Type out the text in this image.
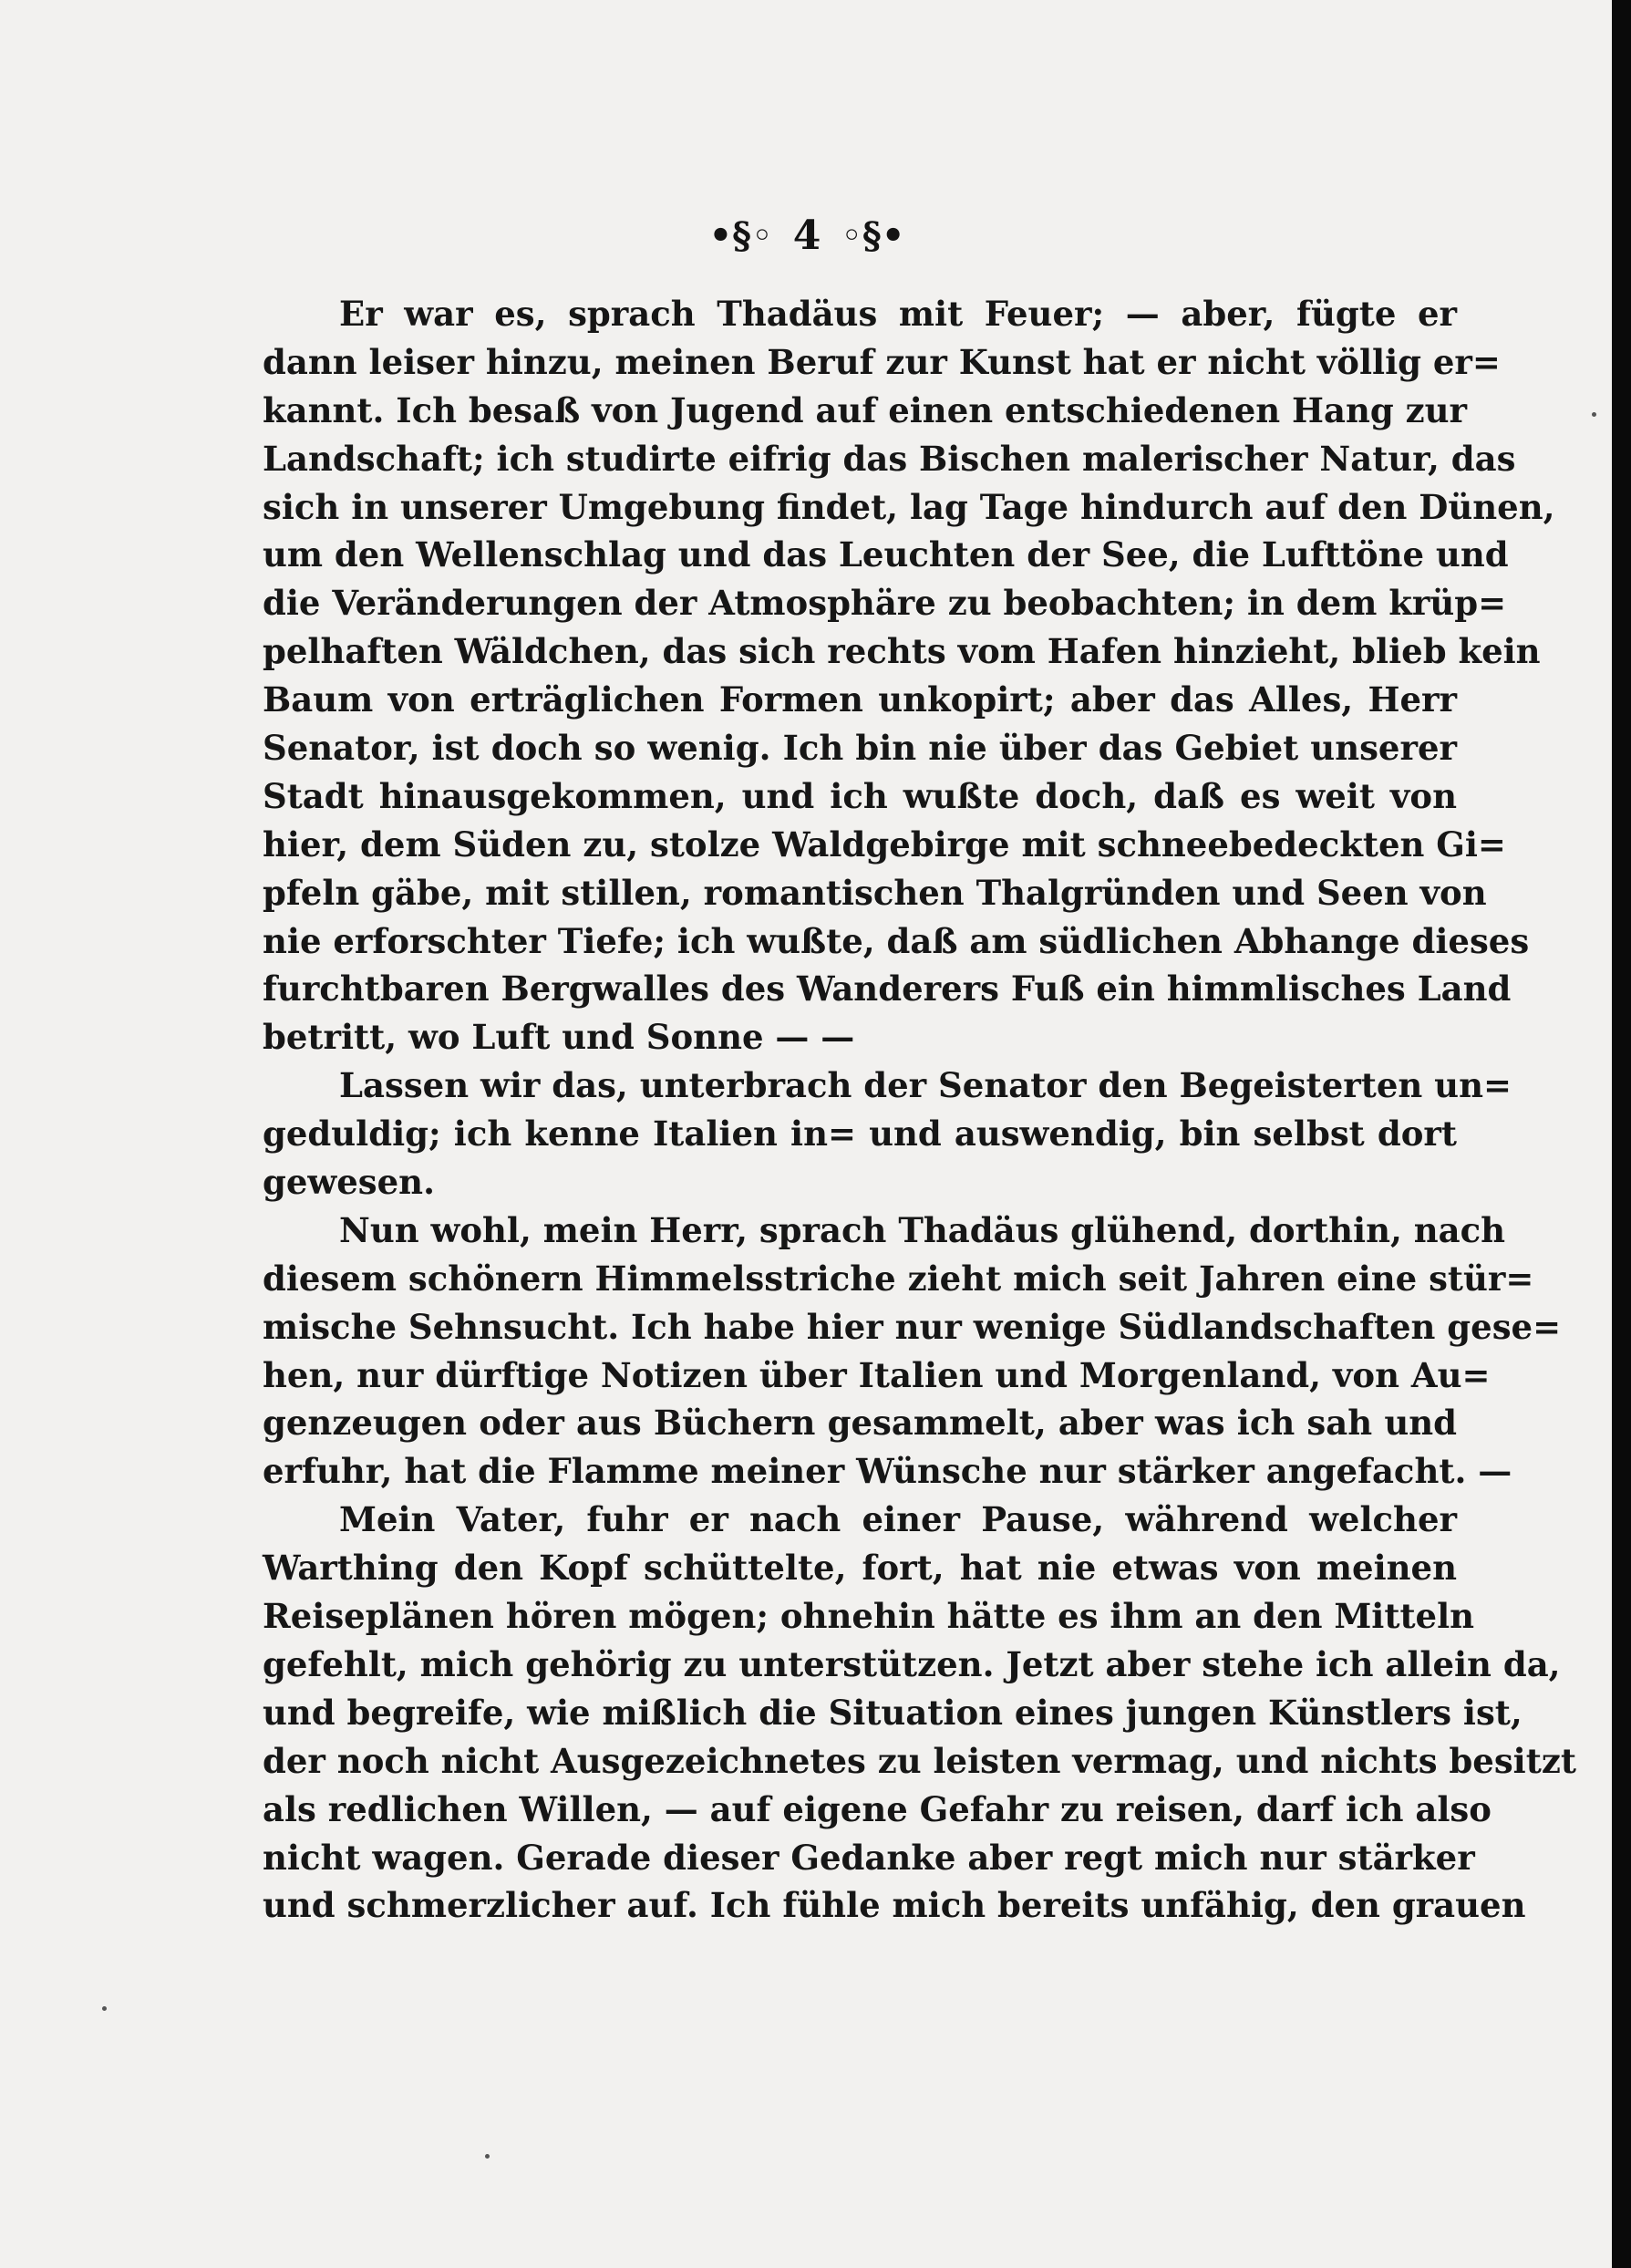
•§◦ 4 ◦§•
Er war es, sprach Thadäus mit Feuer; — aber, fügte er
dann leiser hinzu, meinen Beruf zur Kunst hat er nicht völlig er=
kannt. Ich besaß von Jugend auf einen entschiedenen Hang zur
Landschaft; ich studirte eifrig das Bischen malerischer Natur, das
sich in unserer Umgebung findet, lag Tage hindurch auf den Dünen,
um den Wellenschlag und das Leuchten der See, die Lufttöne und
die Veränderungen der Atmosphäre zu beobachten; in dem krüp=
pelhaften Wäldchen, das sich rechts vom Hafen hinzieht, blieb kein
Baum von erträglichen Formen unkopirt; aber das Alles, Herr
Senator, ist doch so wenig. Ich bin nie über das Gebiet unserer
Stadt hinausgekommen, und ich wußte doch, daß es weit von
hier, dem Süden zu, stolze Waldgebirge mit schneebedeckten Gi=
pfeln gäbe, mit stillen, romantischen Thalgründen und Seen von
nie erforschter Tiefe; ich wußte, daß am südlichen Abhange dieses
furchtbaren Bergwalles des Wanderers Fuß ein himmlisches Land
betritt, wo Luft und Sonne — —
Lassen wir das, unterbrach der Senator den Begeisterten un=
geduldig; ich kenne Italien in= und auswendig, bin selbst dort
gewesen.
Nun wohl, mein Herr, sprach Thadäus glühend, dorthin, nach
diesem schönern Himmelsstriche zieht mich seit Jahren eine stür=
mische Sehnsucht. Ich habe hier nur wenige Südlandschaften gese=
hen, nur dürftige Notizen über Italien und Morgenland, von Au=
genzeugen oder aus Büchern gesammelt, aber was ich sah und
erfuhr, hat die Flamme meiner Wünsche nur stärker angefacht. —
Mein Vater, fuhr er nach einer Pause, während welcher
Warthing den Kopf schüttelte, fort, hat nie etwas von meinen
Reiseplänen hören mögen; ohnehin hätte es ihm an den Mitteln
gefehlt, mich gehörig zu unterstützen. Jetzt aber stehe ich allein da,
und begreife, wie mißlich die Situation eines jungen Künstlers ist,
der noch nicht Ausgezeichnetes zu leisten vermag, und nichts besitzt
als redlichen Willen, — auf eigene Gefahr zu reisen, darf ich also
nicht wagen. Gerade dieser Gedanke aber regt mich nur stärker
und schmerzlicher auf. Ich fühle mich bereits unfähig, den grauen
